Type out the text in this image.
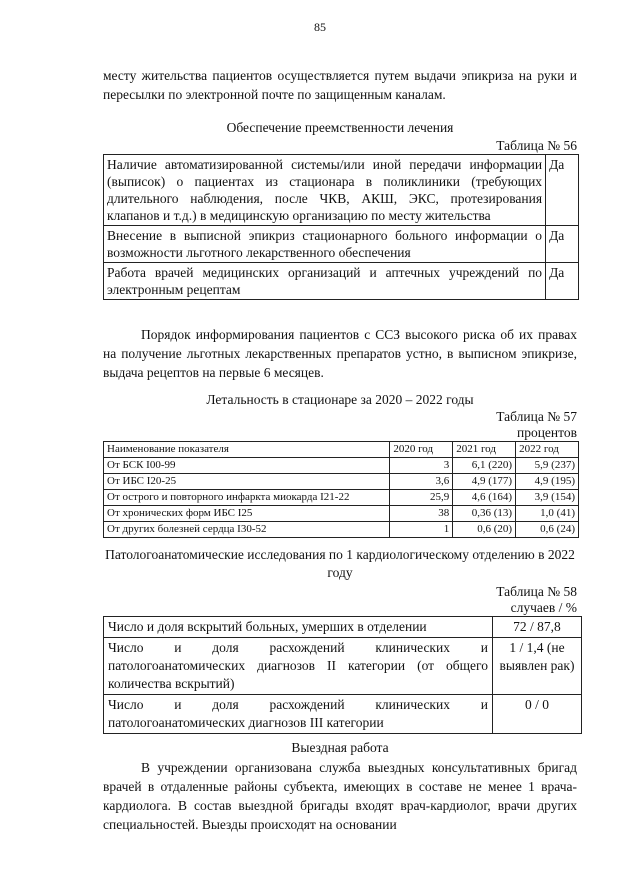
85
месту жительства пациентов осуществляется путем выдачи эпикриза на руки и пересылки по электронной почте по защищенным каналам.
Обеспечение преемственности лечения
Таблица № 56
Наличие автоматизированной системы/или иной передачи информации (выписок) о пациентах из стационара в поликлиники (требующих длительного наблюдения, после ЧКВ, АКШ, ЭКС, протезирования клапанов и т.д.) в медицинскую организацию по месту жительства	Да
Внесение в выписной эпикриз стационарного больного информации о возможности льготного лекарственного обеспечения	Да
Работа врачей медицинских организаций и аптечных учреждений по электронным рецептам	Да
Порядок информирования пациентов с ССЗ высокого риска об их правах на получение льготных лекарственных препаратов устно, в выписном эпикризе, выдача рецептов на первые 6 месяцев.
Летальность в стационаре за 2020 – 2022 годы
Таблица № 57
процентов
Наименование показателя	2020 год	2021 год	2022 год
От БСК I00-99	3	6,1 (220)	5,9 (237)
От ИБС I20-25	3,6	4,9 (177)	4,9 (195)
От острого и повторного инфаркта миокарда I21-22	25,9	4,6 (164)	3,9 (154)
От хронических форм ИБС I25	38	0,36 (13)	1,0 (41)
От других болезней сердца I30-52	1	0,6 (20)	0,6 (24)
Патологоанатомические исследования по 1 кардиологическому отделению в 2022 году
Таблица № 58
случаев / %
Число и доля вскрытий больных, умерших в отделении	72 / 87,8
Число и доля расхождений клинических и патологоанатомических диагнозов II категории (от общего количества вскрытий)	1 / 1,4 (не выявлен рак)
Число и доля расхождений клинических и патологоанатомических диагнозов III категории	0 / 0
Выездная работа
В учреждении организована служба выездных консультативных бригад врачей в отдаленные районы субъекта, имеющих в составе не менее 1 врача-кардиолога. В состав выездной бригады входят врач-кардиолог, врачи других специальностей. Выезды происходят на основании
